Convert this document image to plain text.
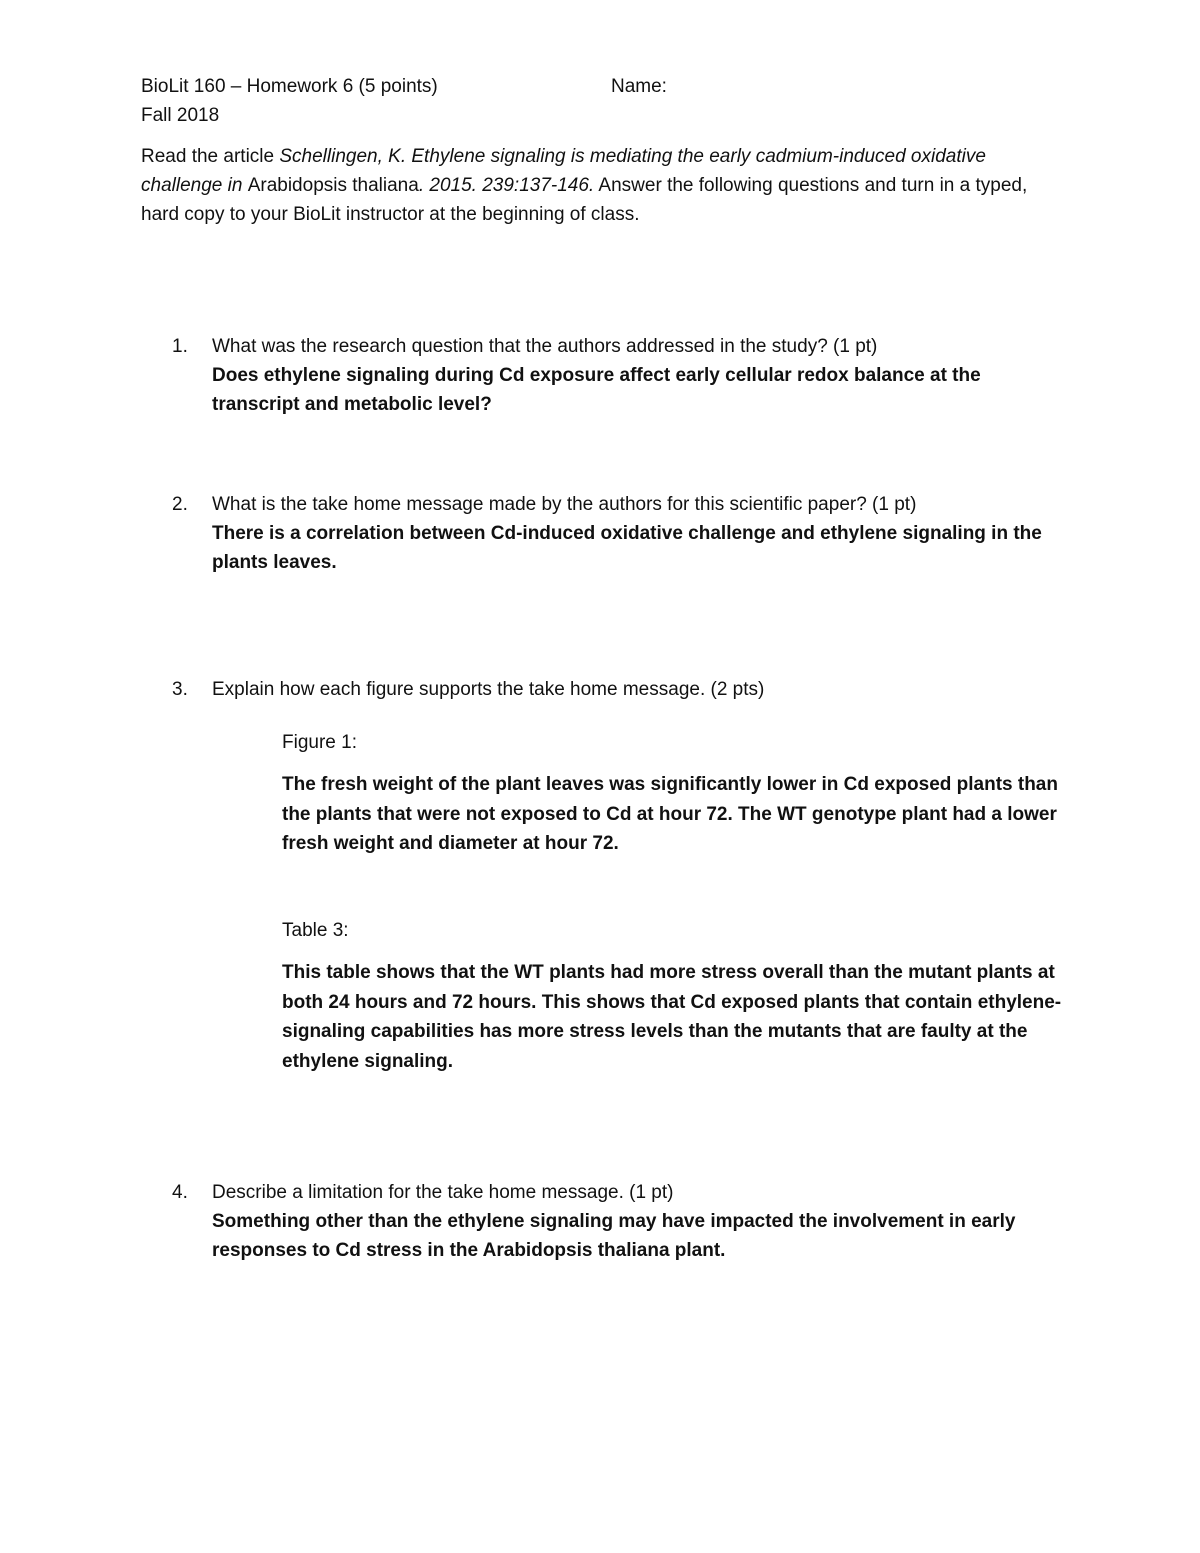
BioLit 160 – Homework 6 (5 points)	Name:
Fall 2018
Read the article Schellingen, K. Ethylene signaling is mediating the early cadmium-induced oxidative challenge in Arabidopsis thaliana. 2015. 239:137-146. Answer the following questions and turn in a typed, hard copy to your BioLit instructor at the beginning of class.
1. What was the research question that the authors addressed in the study? (1 pt)
Does ethylene signaling during Cd exposure affect early cellular redox balance at the transcript and metabolic level?
2. What is the take home message made by the authors for this scientific paper? (1 pt)
There is a correlation between Cd-induced oxidative challenge and ethylene signaling in the plants leaves.
3. Explain how each figure supports the take home message. (2 pts)
Figure 1:
The fresh weight of the plant leaves was significantly lower in Cd exposed plants than the plants that were not exposed to Cd at hour 72. The WT genotype plant had a lower fresh weight and diameter at hour 72.
Table 3:
This table shows that the WT plants had more stress overall than the mutant plants at both 24 hours and 72 hours. This shows that Cd exposed plants that contain ethylene-signaling capabilities has more stress levels than the mutants that are faulty at the ethylene signaling.
4. Describe a limitation for the take home message. (1 pt)
Something other than the ethylene signaling may have impacted the involvement in early responses to Cd stress in the Arabidopsis thaliana plant.
